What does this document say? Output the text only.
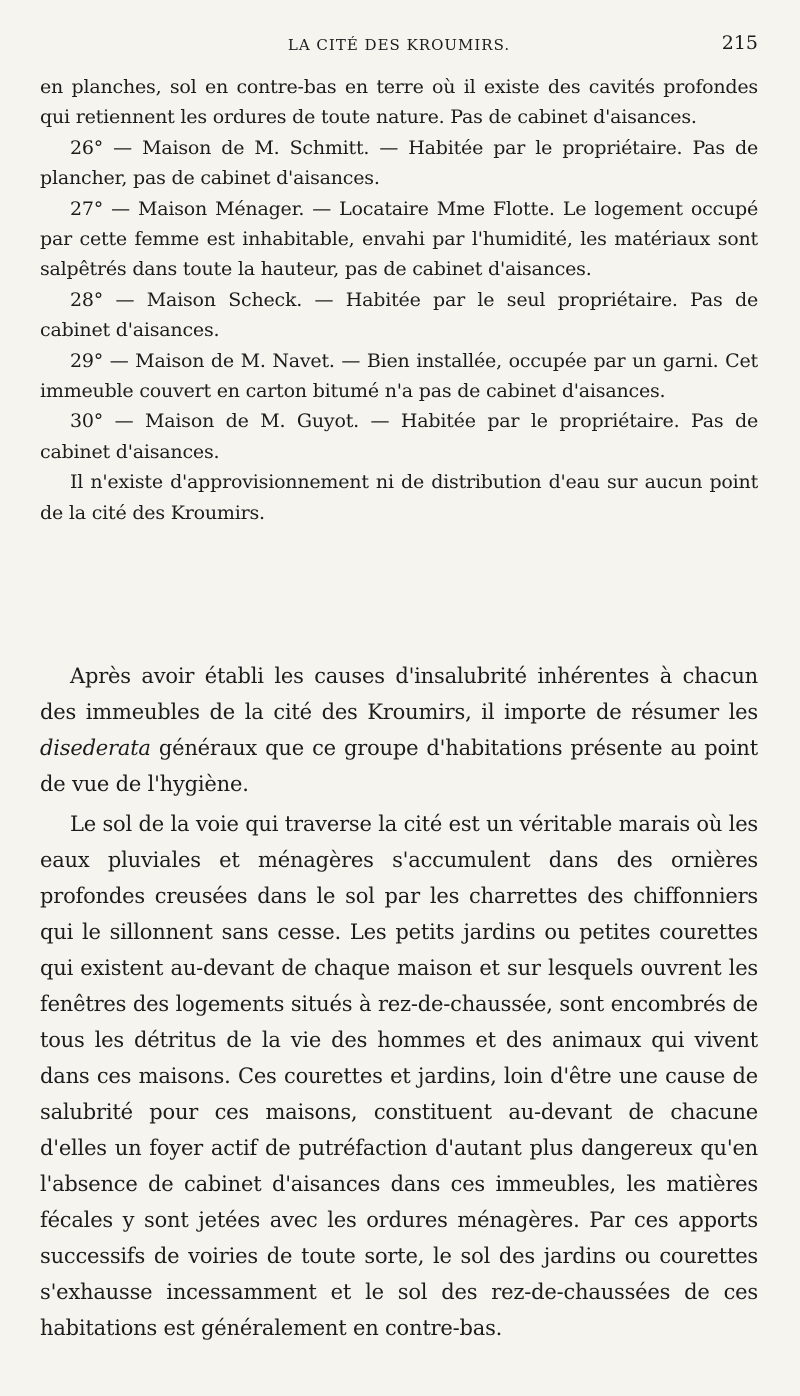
LA CITÉ DES KROUMIRS.	215

en planches, sol en contre-bas en terre où il existe des cavités profondes qui retiennent les ordures de toute nature. Pas de cabinet d'aisances.

26° — Maison de M. Schmitt. — Habitée par le propriétaire. Pas de plancher, pas de cabinet d'aisances.

27° — Maison Ménager. — Locataire Mme Flotte. Le logement occupé par cette femme est inhabitable, envahi par l'humidité, les matériaux sont salpêtrés dans toute la hauteur, pas de cabinet d'aisances.

28° — Maison Scheck. — Habitée par le seul propriétaire. Pas de cabinet d'aisances.

29° — Maison de M. Navet. — Bien installée, occupée par un garni. Cet immeuble couvert en carton bitumé n'a pas de cabinet d'aisances.

30° — Maison de M. Guyot. — Habitée par le propriétaire. Pas de cabinet d'aisances.

Il n'existe d'approvisionnement ni de distribution d'eau sur aucun point de la cité des Kroumirs.

Après avoir établi les causes d'insalubrité inhérentes à chacun des immeubles de la cité des Kroumirs, il importe de résumer les disederata généraux que ce groupe d'habitations présente au point de vue de l'hygiène.

Le sol de la voie qui traverse la cité est un véritable marais où les eaux pluviales et ménagères s'accumulent dans des ornières profondes creusées dans le sol par les charrettes des chiffonniers qui le sillonnent sans cesse. Les petits jardins ou petites courettes qui existent au-devant de chaque maison et sur lesquels ouvrent les fenêtres des logements situés à rez-de-chaussée, sont encombrés de tous les détritus de la vie des hommes et des animaux qui vivent dans ces maisons. Ces courettes et jardins, loin d'être une cause de salubrité pour ces maisons, constituent au-devant de chacune d'elles un foyer actif de putréfaction d'autant plus dangereux qu'en l'absence de cabinet d'aisances dans ces immeubles, les matières fécales y sont jetées avec les ordures ménagères. Par ces apports successifs de voiries de toute sorte, le sol des jardins ou courettes s'exhausse incessamment et le sol des rez-de-chaussées de ces habitations est généralement en contre-bas.
